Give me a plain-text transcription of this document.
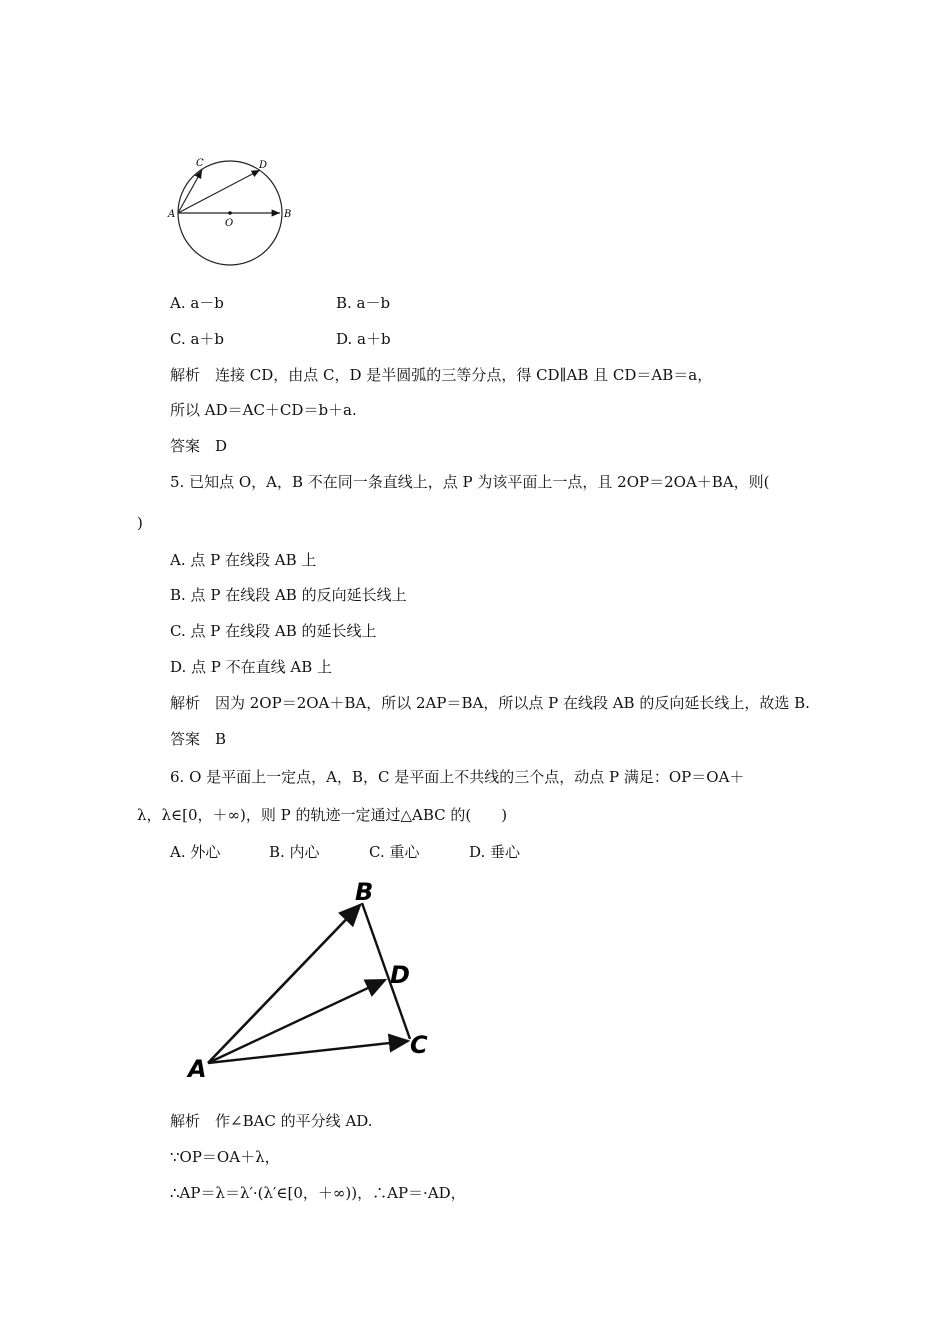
A	B
C	D
O
A. a－b	B. a－b
C. a＋b	D. a＋b
解析　连接 CD，由点 C，D 是半圆弧的三等分点，得 CD∥AB 且 CD＝AB＝a，
所以 AD＝AC＋CD＝b＋a.
答案　D
5. 已知点 O，A，B 不在同一条直线上，点 P 为该平面上一点，且 2OP＝2OA＋BA，则(
)
A. 点 P 在线段 AB 上
B. 点 P 在线段 AB 的反向延长线上
C. 点 P 在线段 AB 的延长线上
D. 点 P 不在直线 AB 上
解析　因为 2OP＝2OA＋BA，所以 2AP＝BA，所以点 P 在线段 AB 的反向延长线上，故选 B.
答案　B
6. O 是平面上一定点，A，B，C 是平面上不共线的三个点，动点 P 满足：OP＝OA＋
λ，λ∈[0，＋∞)，则 P 的轨迹一定通过△ABC 的(　　)
A. 外心	B. 内心	C. 重心	D. 垂心
A
B
C
D
解析　作∠BAC 的平分线 AD.
∵OP＝OA＋λ，
∴AP＝λ＝λ′·(λ′∈[0，＋∞))，∴AP＝·AD，
